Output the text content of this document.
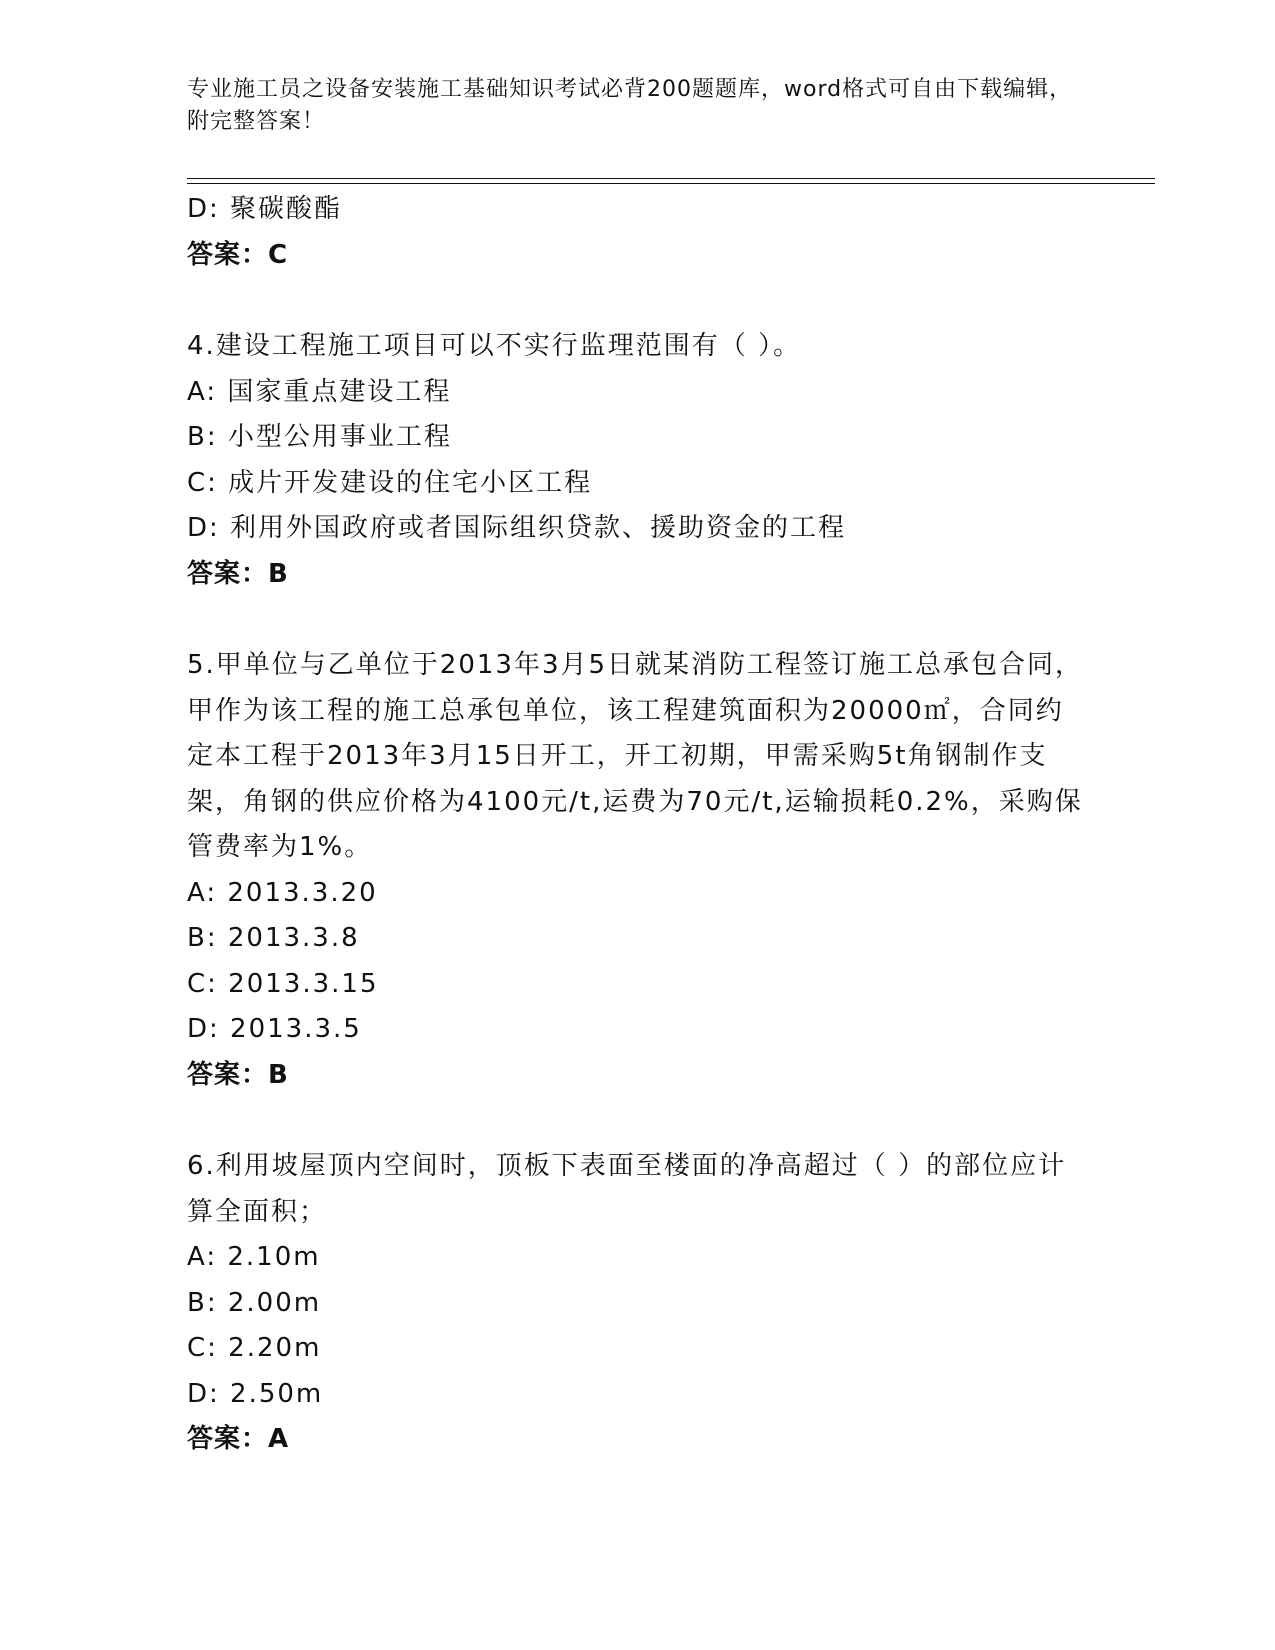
专业施工员之设备安装施工基础知识考试必背200题题库，word格式可自由下载编辑，附完整答案！
D: 聚碳酸酯
答案：C
4.建设工程施工项目可以不实行监理范围有（ ）。
A: 国家重点建设工程
B: 小型公用事业工程
C: 成片开发建设的住宅小区工程
D: 利用外国政府或者国际组织贷款、援助资金的工程
答案：B
5.甲单位与乙单位于2013年3月5日就某消防工程签订施工总承包合同，甲作为该工程的施工总承包单位，该工程建筑面积为20000㎡，合同约定本工程于2013年3月15日开工，开工初期，甲需采购5t角钢制作支架，角钢的供应价格为4100元/t,运费为70元/t,运输损耗0.2%，采购保管费率为1%。
A: 2013.3.20
B: 2013.3.8
C: 2013.3.15
D: 2013.3.5
答案：B
6.利用坡屋顶内空间时，顶板下表面至楼面的净高超过（ ）的部位应计算全面积；
A: 2.10m
B: 2.00m
C: 2.20m
D: 2.50m
答案：A
